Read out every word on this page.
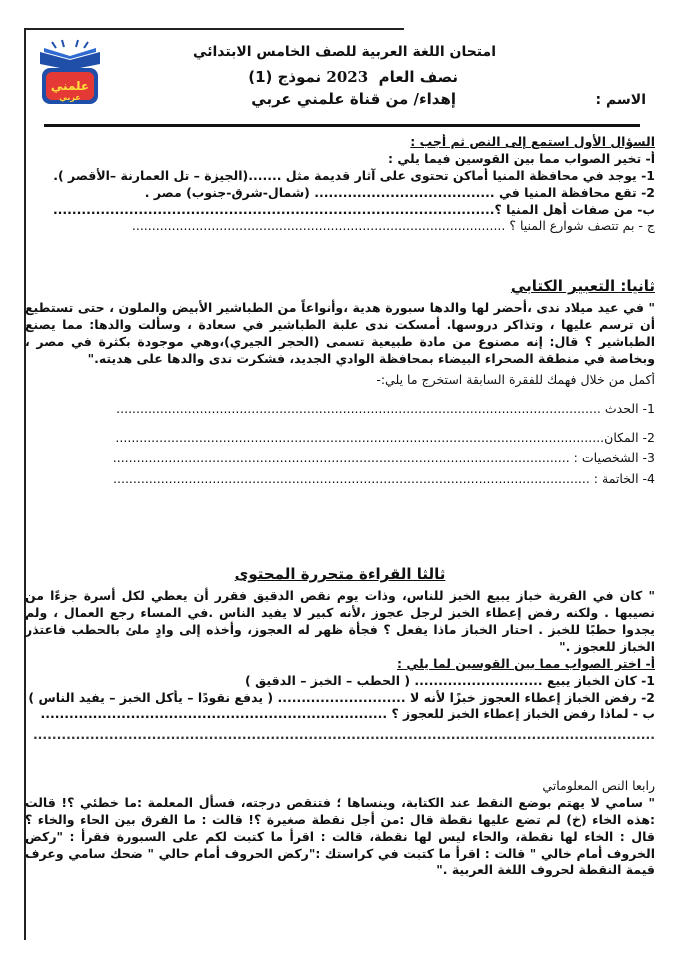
علمني
عربي
امتحان اللغة العربية للصف الخامس الابتدائي
نصف العام  2023 نموذج (1)
الاسم :
إهداء/ من قناة علمني عربي
السؤال الأول استمع إلى النص ثم أجب :
أ- تخير الصواب مما بين القوسين فيما يلي :
1- يوجد في محافظة المنيا أماكن تحتوى على آثار قديمة مثل .......(الجيزة – تل العمارنة –الأقصر ).
2- تقع محافظة المنيا في ...................................... (شمال-شرق-جنوب) مصر .
ب- من صفات أهل المنيا ؟.............................................................................................
ج - بم تتصف شوارع المنيا ؟ ..............................................................................................
ثانيا: التعبير الكتابي
" في عيد ميلاد ندى ،أحضر لها والدها سبورة هدية ،وأنواعاً من الطباشير الأبيض والملون ، حتى تستطيع أن ترسم عليها ، وتذاكر دروسها. أمسكت ندى علبة الطباشير في سعادة ، وسألت والدها: مما يصنع الطباشير ؟ قال: إنه مصنوع من مادة طبيعية تسمى (الحجر الجيري)،وهي موجودة بكثرة في مصر ، وبخاصة في منطقة الصحراء البيضاء بمحافظة الوادي الجديد، فشكرت ندى والدها على هديته."
أكمل من خلال فهمك للفقرة السابقة استخرج ما يلي:-
1- الحدث ..........................................................................................................................
2- المكان...........................................................................................................................
3- الشخصيات : ...................................................................................................................
4- الخاتمة : ........................................................................................................................
ثالثا القراءة متحررة المحتوى
" كان في القرية خباز يبيع الخبز للناس، وذات يوم نقص الدقيق فقرر أن يعطي لكل أسرة جزءًا من نصيبها . ولكنه رفض إعطاء الخبز لرجل عجوز ،لأنه كبير لا يفيد الناس .في المساء رجع العمال ، ولم يجدوا حطبًا للخبز . احتار الخباز ماذا يفعل ؟ فجأة ظهر له العجوز، وأخذه إلى وادٍ ملئ بالحطب فاعتذر الخباز للعجوز ."
أ- اختر الصواب مما بين القوسين لما يلي :
1- كان الخباز يبيع ........................... ( الحطب – الخبز – الدقيق )
2- رفض الخباز إعطاء العجوز خبزًا لأنه لا ........................... ( يدفع نقودًا – يأكل الخبز – يفيد الناس )
ب - لماذا رفض الخباز إعطاء الخبز للعجوز ؟ .........................................................................
...................................................................................................................................
رابعا النص المعلوماتي
" سامي لا يهتم بوضع النقط عند الكتابة، وينساها ؛ فتنقص درجته، فسأل المعلمة :ما خطئي ؟! قالت :هذه الخاء (خ) لم تضع عليها نقطة قال :من أجل نقطة صغيرة ؟! قالت : ما الفرق بين الحاء والخاء ؟ قال : الخاء لها نقطة، والحاء ليس لها نقطة، قالت : اقرأ ما كتبت لكم على السبورة فقرأ : "رکض الخروف أمام خالي " قالت : اقرأ ما كتبت في كراستك :"ركض الحروف أمام حالي " ضحك سامي وعرف قيمة النقطة لحروف اللغة العربية ."
